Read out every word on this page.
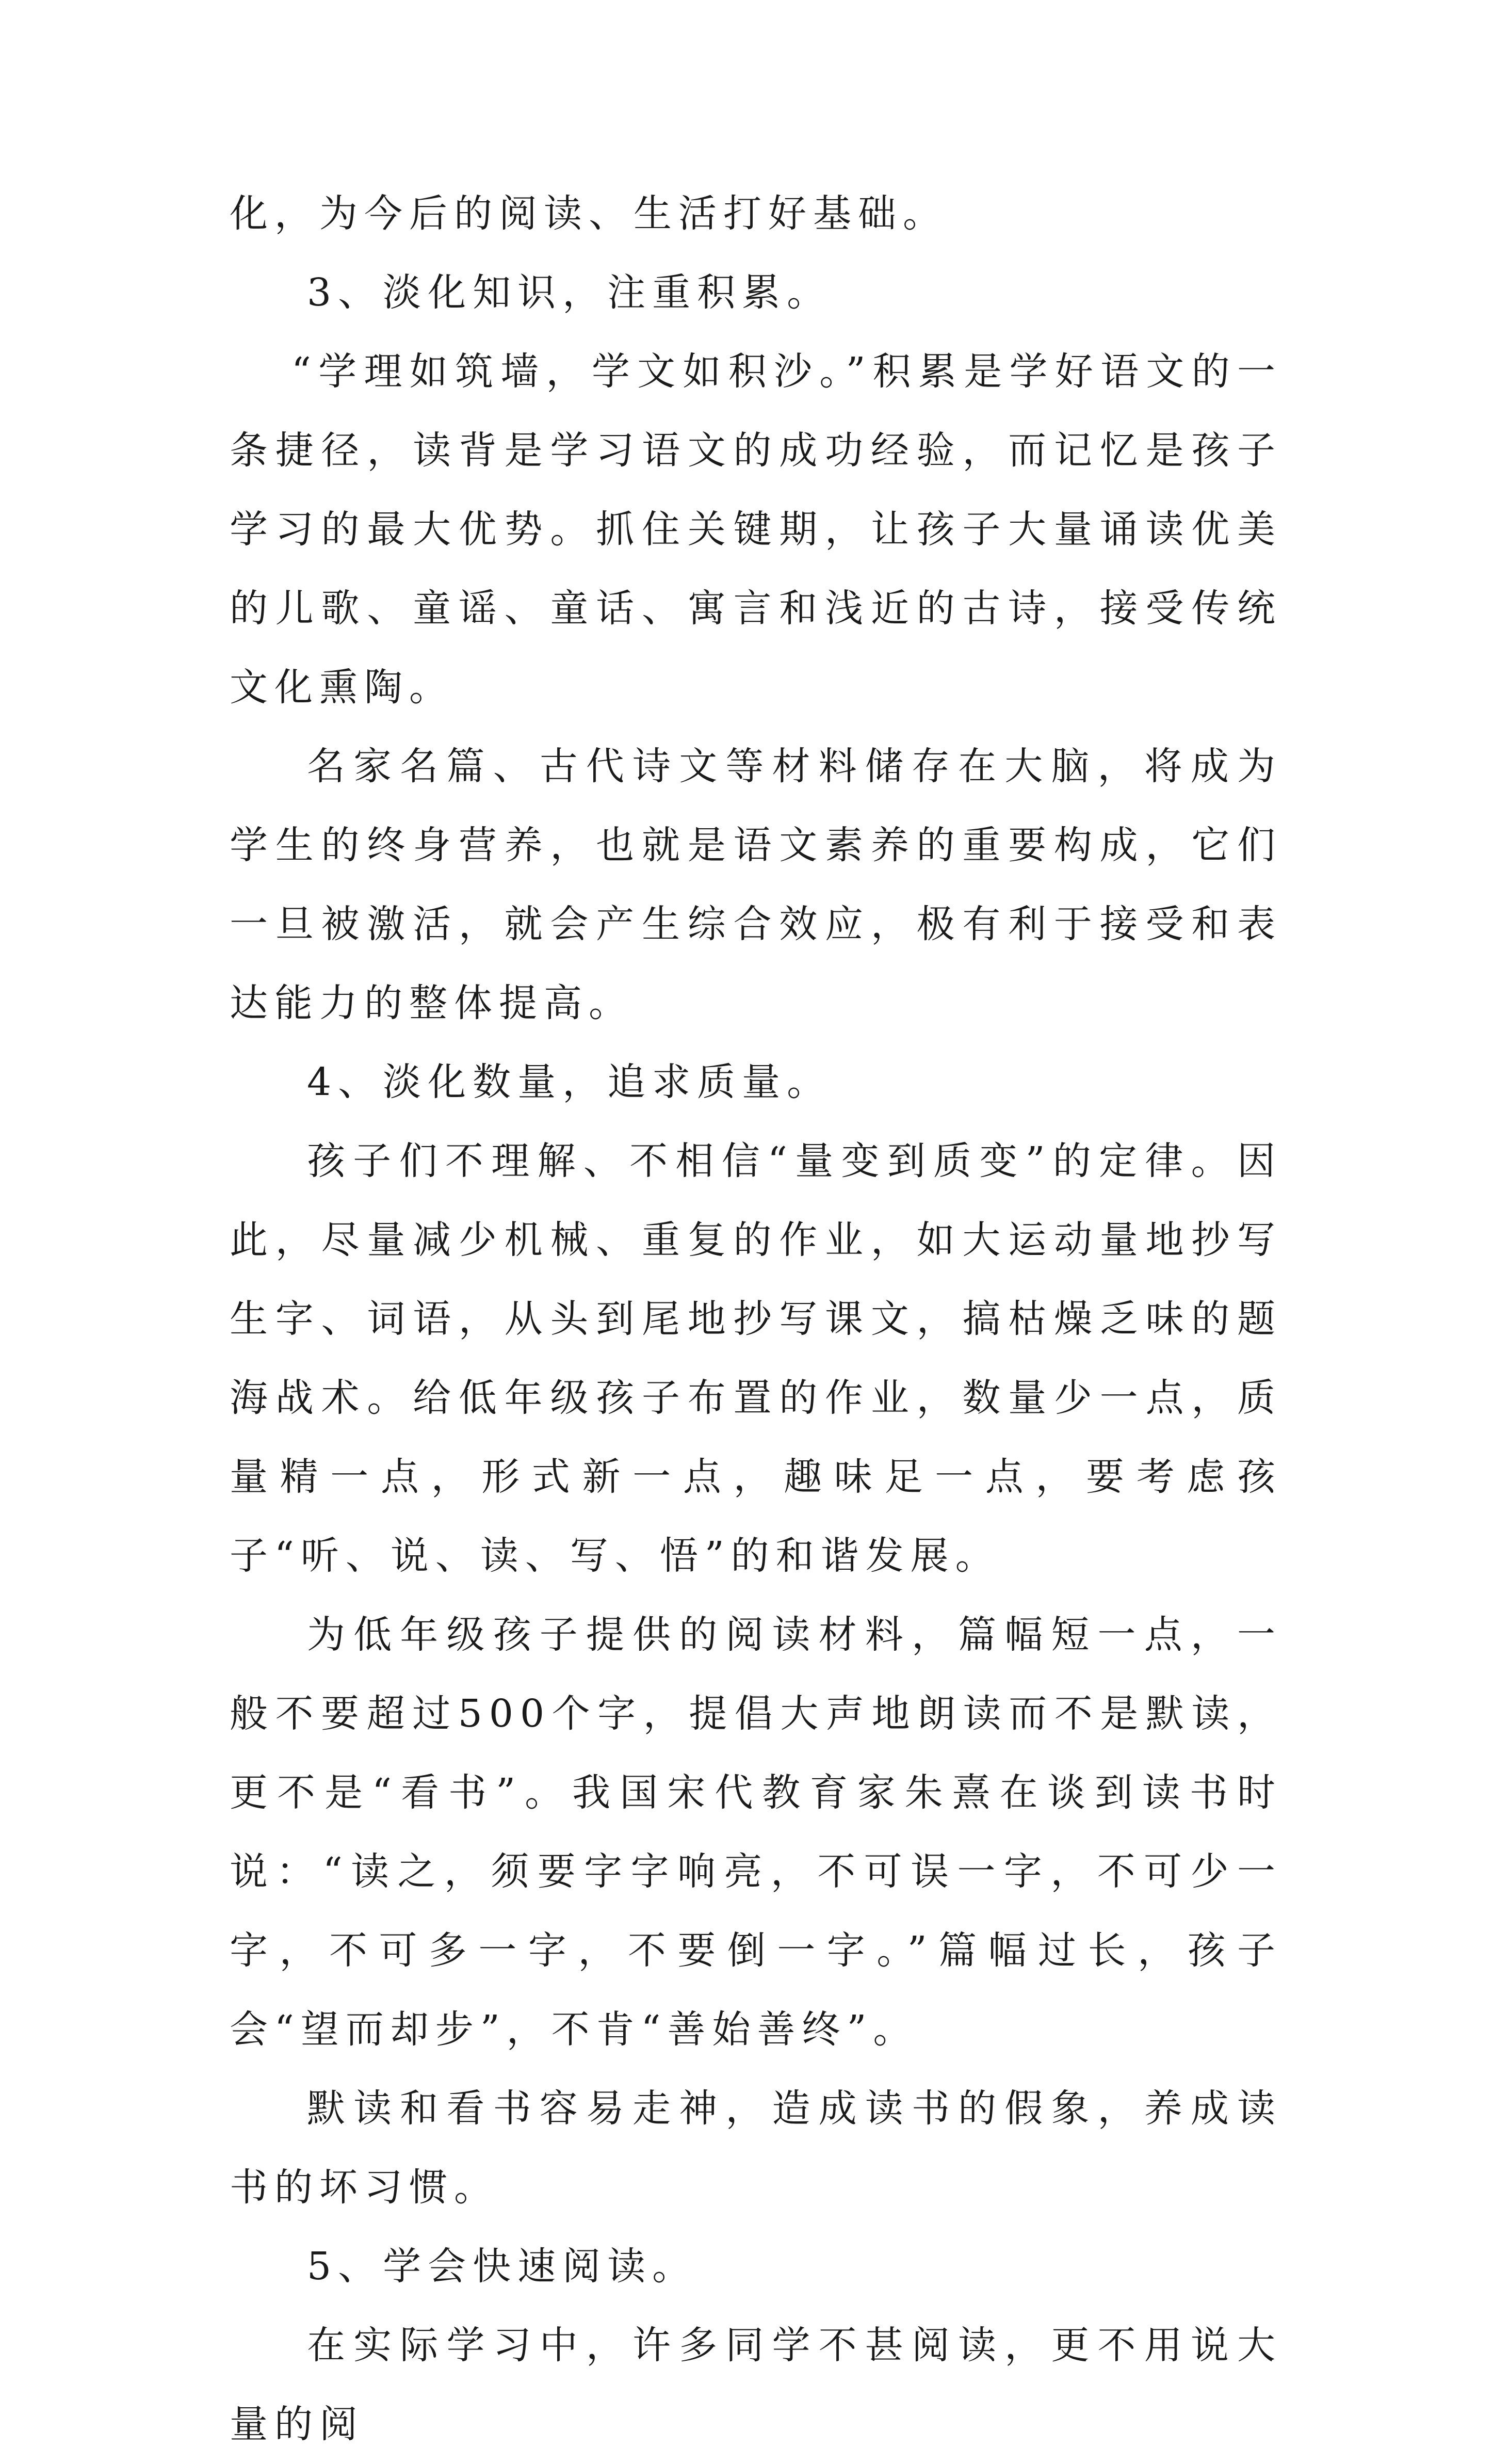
化，为今后的阅读、生活打好基础。

3、淡化知识，注重积累。

“学理如筑墙，学文如积沙。”积累是学好语文的一条捷径，读背是学习语文的成功经验，而记忆是孩子学习的最大优势。抓住关键期，让孩子大量诵读优美的儿歌、童谣、童话、寓言和浅近的古诗，接受传统文化熏陶。

名家名篇、古代诗文等材料储存在大脑，将成为学生的终身营养，也就是语文素养的重要构成，它们一旦被激活，就会产生综合效应，极有利于接受和表达能力的整体提高。

4、淡化数量，追求质量。

孩子们不理解、不相信“量变到质变”的定律。因此，尽量减少机械、重复的作业，如大运动量地抄写生字、词语，从头到尾地抄写课文，搞枯燥乏味的题海战术。给低年级孩子布置的作业，数量少一点，质量精一点，形式新一点，趣味足一点，要考虑孩子“听、说、读、写、悟”的和谐发展。

为低年级孩子提供的阅读材料，篇幅短一点，一般不要超过500个字，提倡大声地朗读而不是默读，更不是“看书”。我国宋代教育家朱熹在谈到读书时说：“读之，须要字字响亮，不可误一字，不可少一字，不可多一字，不要倒一字。”篇幅过长，孩子会“望而却步”，不肯“善始善终”。

默读和看书容易走神，造成读书的假象，养成读书的坏习惯。

5、学会快速阅读。

在实际学习中，许多同学不甚阅读，更不用说大量的阅
